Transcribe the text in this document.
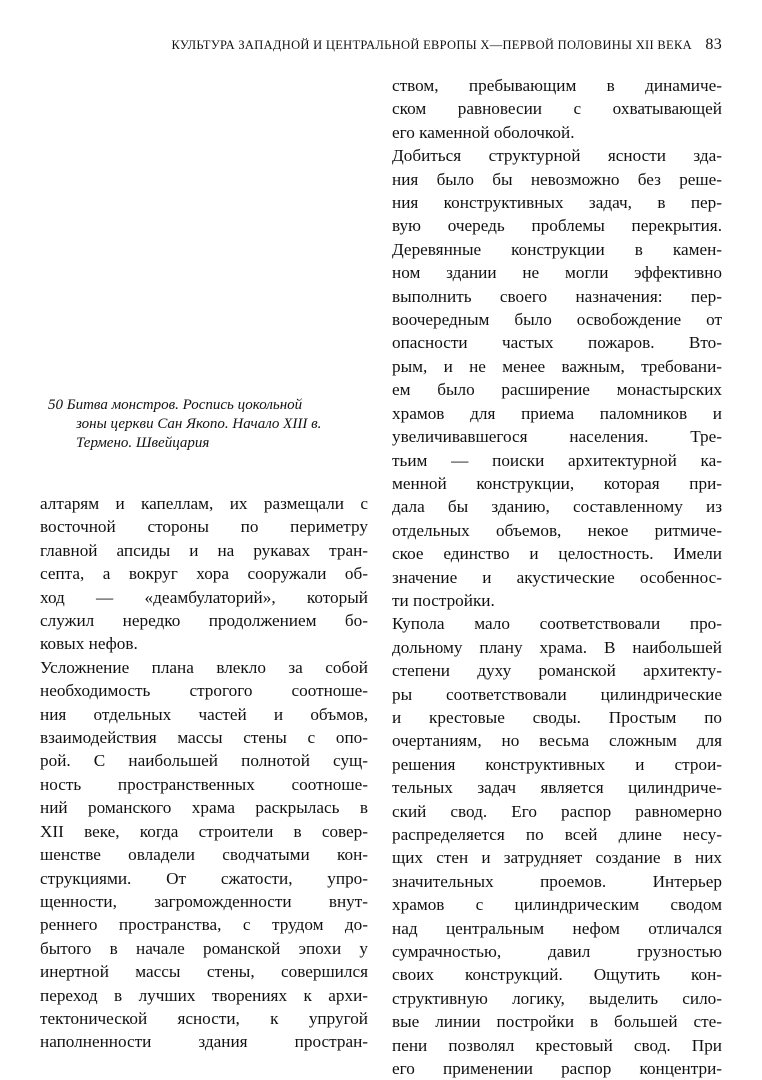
КУЛЬТУРА ЗАПАДНОЙ И ЦЕНТРАЛЬНОЙ ЕВРОПЫ X—ПЕРВОЙ ПОЛОВИНЫ XII ВЕКА 83
50 Битва монстров. Роспись цокольной
зоны церкви Сан Якопо. Начало XIII в.
Термено. Швейцария
алтарям и капеллам, их размещали с
восточной стороны по периметру
главной апсиды и на рукавах тран-
септа, а вокруг хора сооружали об-
ход — «деамбулаторий», который
служил нередко продолжением бо-
ковых нефов.
Усложнение плана влекло за собой
необходимость строгого соотноше-
ния отдельных частей и объмов,
взаимодействия массы стены с опо-
рой. С наибольшей полнотой сущ-
ность пространственных соотноше-
ний романского храма раскрылась в
XII веке, когда строители в совер-
шенстве овладели сводчатыми кон-
струкциями. От сжатости, упро-
щенности, загроможденности внут-
реннего пространства, с трудом до-
бытого в начале романской эпохи у
инертной массы стены, совершился
переход в лучших творениях к архи-
тектонической ясности, к упругой
наполненности здания простран-
ством, пребывающим в динамиче-
ском равновесии с охватывающей
его каменной оболочкой.
Добиться структурной ясности зда-
ния было бы невозможно без реше-
ния конструктивных задач, в пер-
вую очередь проблемы перекрытия.
Деревянные конструкции в камен-
ном здании не могли эффективно
выполнить своего назначения: пер-
воочередным было освобождение от
опасности частых пожаров. Вто-
рым, и не менее важным, требовани-
ем было расширение монастырских
храмов для приема паломников и
увеличивавшегося населения. Тре-
тьим — поиски архитектурной ка-
менной конструкции, которая при-
дала бы зданию, составленному из
отдельных объемов, некое ритмиче-
ское единство и целостность. Имели
значение и акустические особеннос-
ти постройки.
Купола мало соответствовали про-
дольному плану храма. В наибольшей
степени духу романской архитекту-
ры соответствовали цилиндрические
и крестовые своды. Простым по
очертаниям, но весьма сложным для
решения конструктивных и строи-
тельных задач является цилиндриче-
ский свод. Его распор равномерно
распределяется по всей длине несу-
щих стен и затрудняет создание в них
значительных проемов. Интерьер
храмов с цилиндрическим сводом
над центральным нефом отличался
сумрачностью, давил грузностью
своих конструкций. Ощутить кон-
структивную логику, выделить сило-
вые линии постройки в большей сте-
пени позволял крестовый свод. При
его применении распор концентри-
